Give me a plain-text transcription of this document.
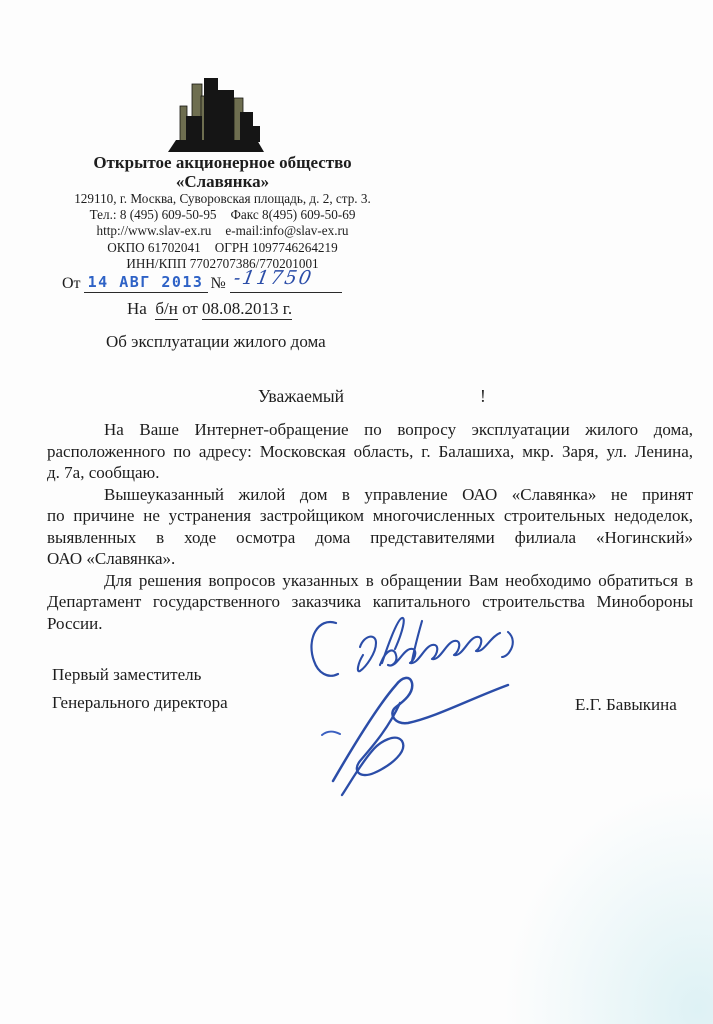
Открытое акционерное общество
«Славянка»
129110, г. Москва, Суворовская площадь, д. 2, стр. 3.
Тел.: 8 (495) 609-50-95 Факс 8(495) 609-50-69
http://www.slav-ex.ru e-mail:info@slav-ex.ru
ОКПО 61702041 ОГРН 1097746264219
ИНН/КПП 7702707386/770201001
От 14 АВГ 2013 № -11750
На б/н от 08.08.2013 г.
Об эксплуатации жилого дома
Уважаемый	!
На Ваше Интернет-обращение по вопросу эксплуатации жилого дома,
расположенного по адресу: Московская область, г. Балашиха, мкр. Заря, ул. Ленина,
д. 7а, сообщаю.
Вышеуказанный жилой дом в управление ОАО «Славянка» не принят
по причине не устранения застройщиком многочисленных строительных недоделок,
выявленных в ходе осмотра дома представителями филиала «Ногинский»
ОАО «Славянка».
Для решения вопросов указанных в обращении Вам необходимо обратиться в
Департамент государственного заказчика капитального строительства Минобороны
России.
Первый заместитель
Генерального директора	Е.Г. Бавыкина
